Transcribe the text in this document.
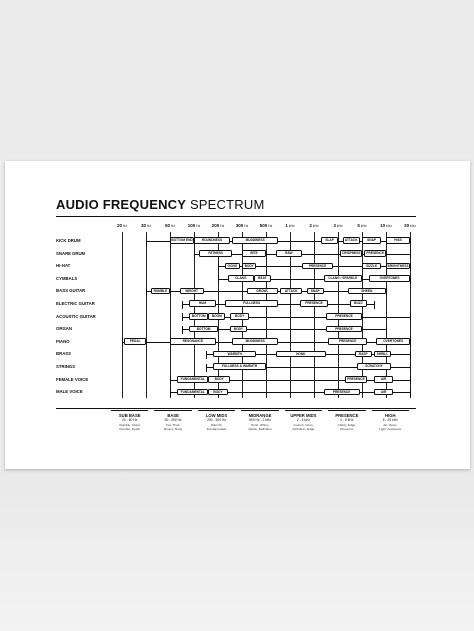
AUDIO FREQUENCY SPECTRUM
20 Hz	30 Hz	50 Hz	100 Hz	200 Hz	300 Hz	500 Hz	1 kHz	2 kHz	3 kHz	5 kHz	10 kHz	20 kHz
KICK DRUM	BOTTOM END	ROUNDNESS	MUDDINESS	SLAP	ATTACK	SNAP	HISS
SNARE DRUM	FATNESS	BITE	RAW	CRISPNESS	PRESENCE
HI-HAT	GONG	BODY	PRESENCE	SIZZLE	BRIGHTNESS
CYMBALS	CLANG	BEAT	CLANG / SPARKLE	OVERTONES
BASS GUITAR	RUMBLE	WEIGHT	GROWL	ATTACK	SNAP	SHEEN
ELECTRIC GUITAR	HUM	FULLNESS	PRESENCE	BUZZ
ACOUSTIC GUITAR	BOTTOM	BOOM	BODY	PRESENCE
ORGAN	BOTTOM	BODY	PRESENCE
PIANO	PEDAL	RESONANCE	MUDDINESS	PRESENCE	OVERTONES
BRASS	WARMTH	HONK	RASP	SHRILL
STRINGS	FULLNESS & WARMTH	SCRATCHY
FEMALE VOICE	FUNDAMENTAL	BODY	PRESENCE	AIR
MALE VOICE	FUNDAMENTAL	BODY	PRESENCE	AIR
SUB BASE
20 - 60 Hz
Rumble, Chest
Rumble, Depth
BASE
60 - 250 Hz
Fat, Thud,
Boomy, Body
LOW MIDS
250 - 500 Hz
Warmth,
Fundamentals
MIDRANGE
500 Hz - 2 kHz
Honk, Whiny,
Attack, Definition
UPPER MIDS
2 - 4 kHz
Crunch, Crisp,
Definition, Edge
PRESENCE
4 - 6 kHz
Clarity, Edge,
Presence
HIGH
6 - 20 kHz
Air, Open,
Light, Ambience
